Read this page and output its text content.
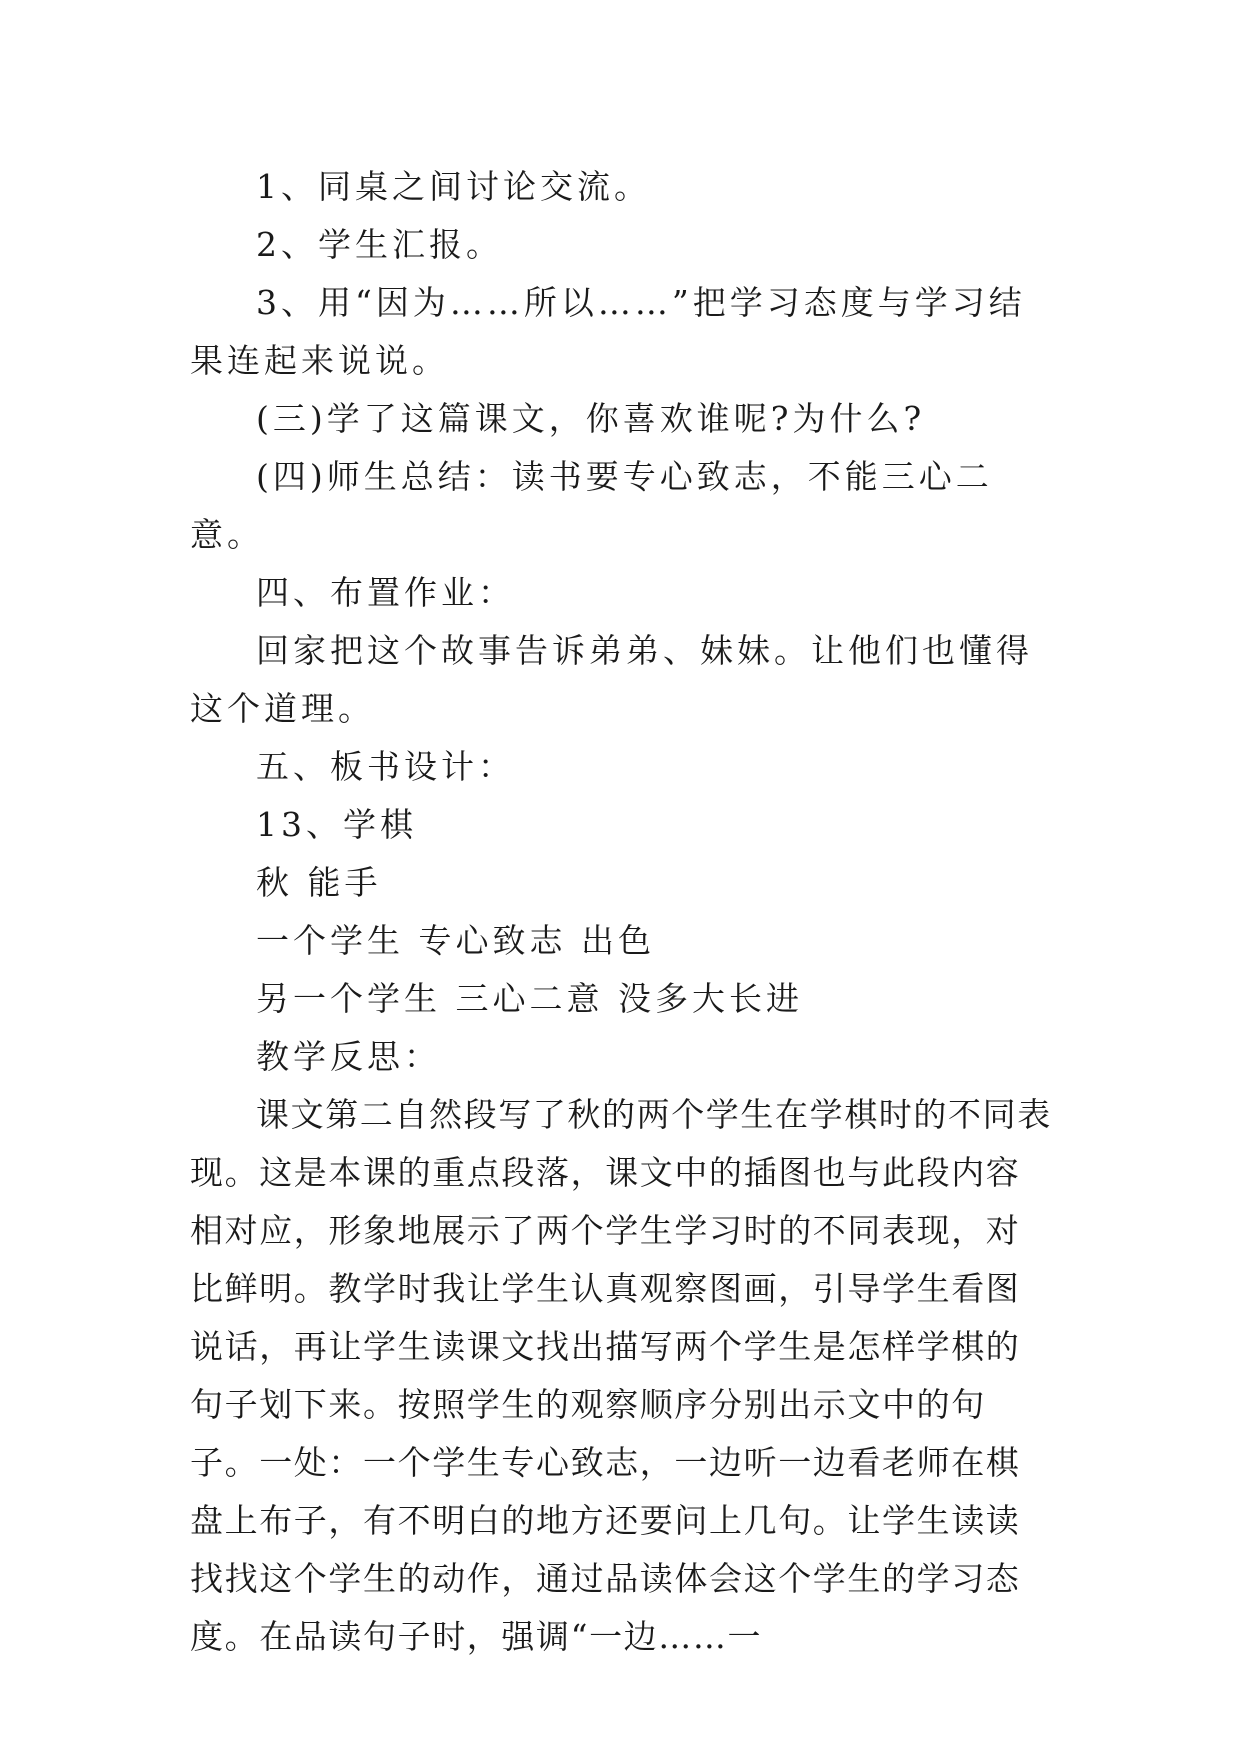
1、同桌之间讨论交流。

2、学生汇报。

3、用“因为……所以……”把学习态度与学习结果连起来说说。

(三)学了这篇课文，你喜欢谁呢?为什么?

(四)师生总结：读书要专心致志，不能三心二意。

四、布置作业：

回家把这个故事告诉弟弟、妹妹。让他们也懂得这个道理。

五、板书设计：

13、学棋

秋 能手

一个学生 专心致志 出色

另一个学生 三心二意 没多大长进

教学反思：

课文第二自然段写了秋的两个学生在学棋时的不同表现。这是本课的重点段落，课文中的插图也与此段内容相对应，形象地展示了两个学生学习时的不同表现，对比鲜明。教学时我让学生认真观察图画，引导学生看图说话，再让学生读课文找出描写两个学生是怎样学棋的句子划下来。按照学生的观察顺序分别出示文中的句子。一处：一个学生专心致志，一边听一边看老师在棋盘上布子，有不明白的地方还要问上几句。让学生读读找找这个学生的动作，通过品读体会这个学生的学习态度。在品读句子时，强调“一边……一
